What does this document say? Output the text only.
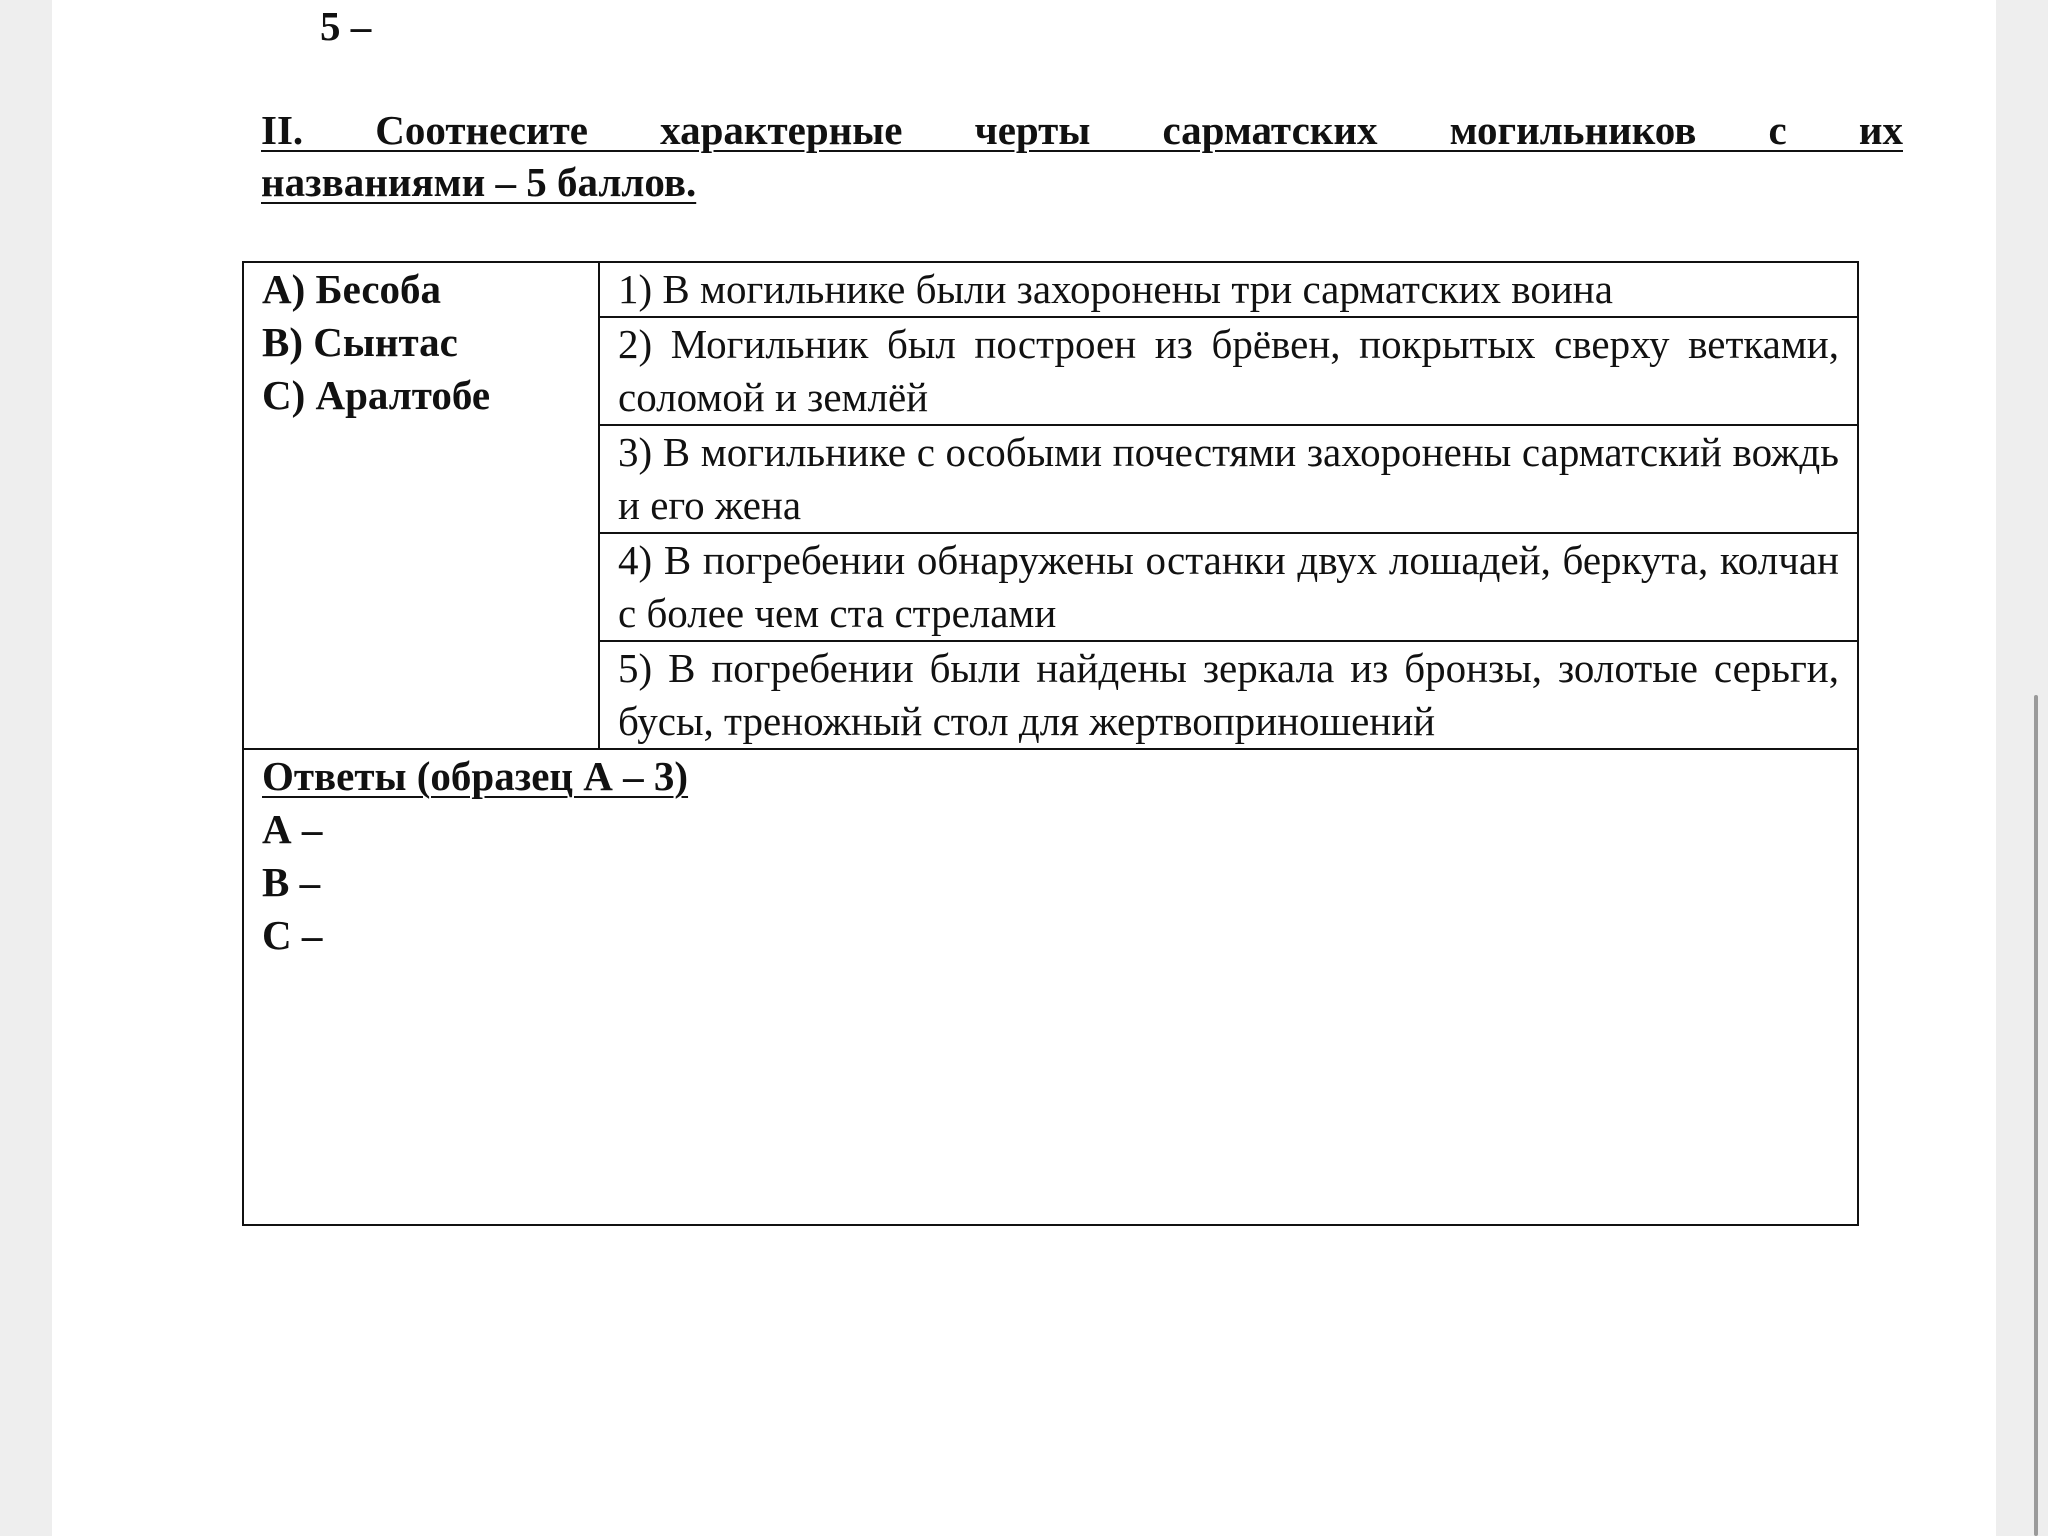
5 –
II. Соотнесите характерные черты сарматских могильников с их
названиями – 5 баллов.
А) Бесоба
В) Сынтас
С) Аралтобе
	1) В могильнике были захоронены три сарматских воина
2) Могильник был построен из брёвен, покрытых сверху ветками, соломой и землёй
3) В могильнике с особыми почестями захоронены сарматский вождь и его жена
4) В погребении обнаружены останки двух лошадей, беркута, колчан с более чем ста стрелами
5) В погребении были найдены зеркала из бронзы, золотые серьги, бусы, треножный стол для жертвоприношений
Ответы (образец А – 3)
А –
В –
С –
